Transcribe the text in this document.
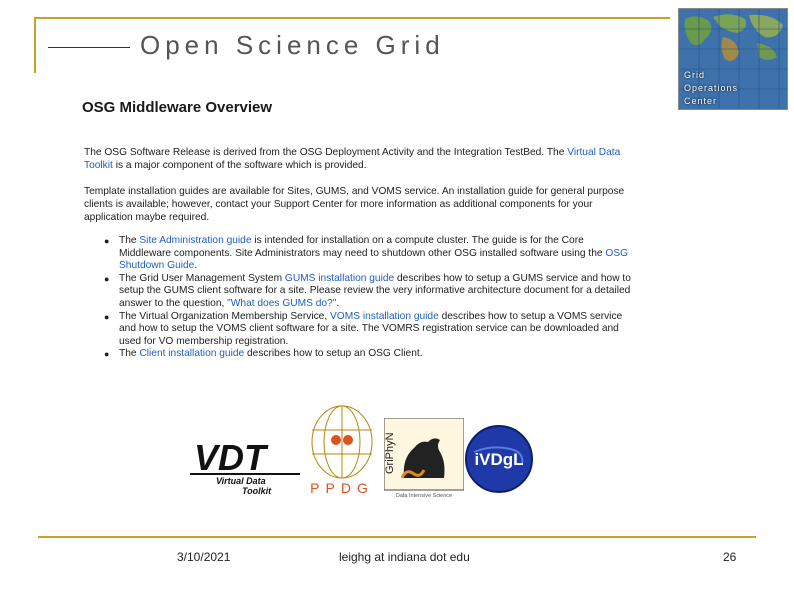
Open Science Grid
Grid
Operations
Center
OSG Middleware Overview
The OSG Software Release is derived from the OSG Deployment Activity and the Integration TestBed. The Virtual Data Toolkit is a major component of the software which is provided.
Template installation guides are available for Sites, GUMS, and VOMS service. An installation guide for general purpose clients is available; however, contact your Support Center for more information as additional components for your application maybe required.
● The Site Administration guide is intended for installation on a compute cluster. The guide is for the Core Middleware components. Site Administrators may need to shutdown other OSG installed software using the OSG Shutdown Guide.
● The Grid User Management System GUMS installation guide describes how to setup a GUMS service and how to setup the GUMS client software for a site. Please review the very informative architecture document for a detailed answer to the question, "What does GUMS do?".
● The Virtual Organization Membership Service, VOMS installation guide describes how to setup a VOMS service and how to setup the VOMS client software for a site. The VOMRS registration service can be downloaded and used for VO membership registration.
● The Client installation guide describes how to setup an OSG Client.
VDT
Virtual Data
Toolkit	PPDG
GriPhyN
Data Intensive Science
iVDgL
3/10/2021	leighg at indiana dot edu	26
